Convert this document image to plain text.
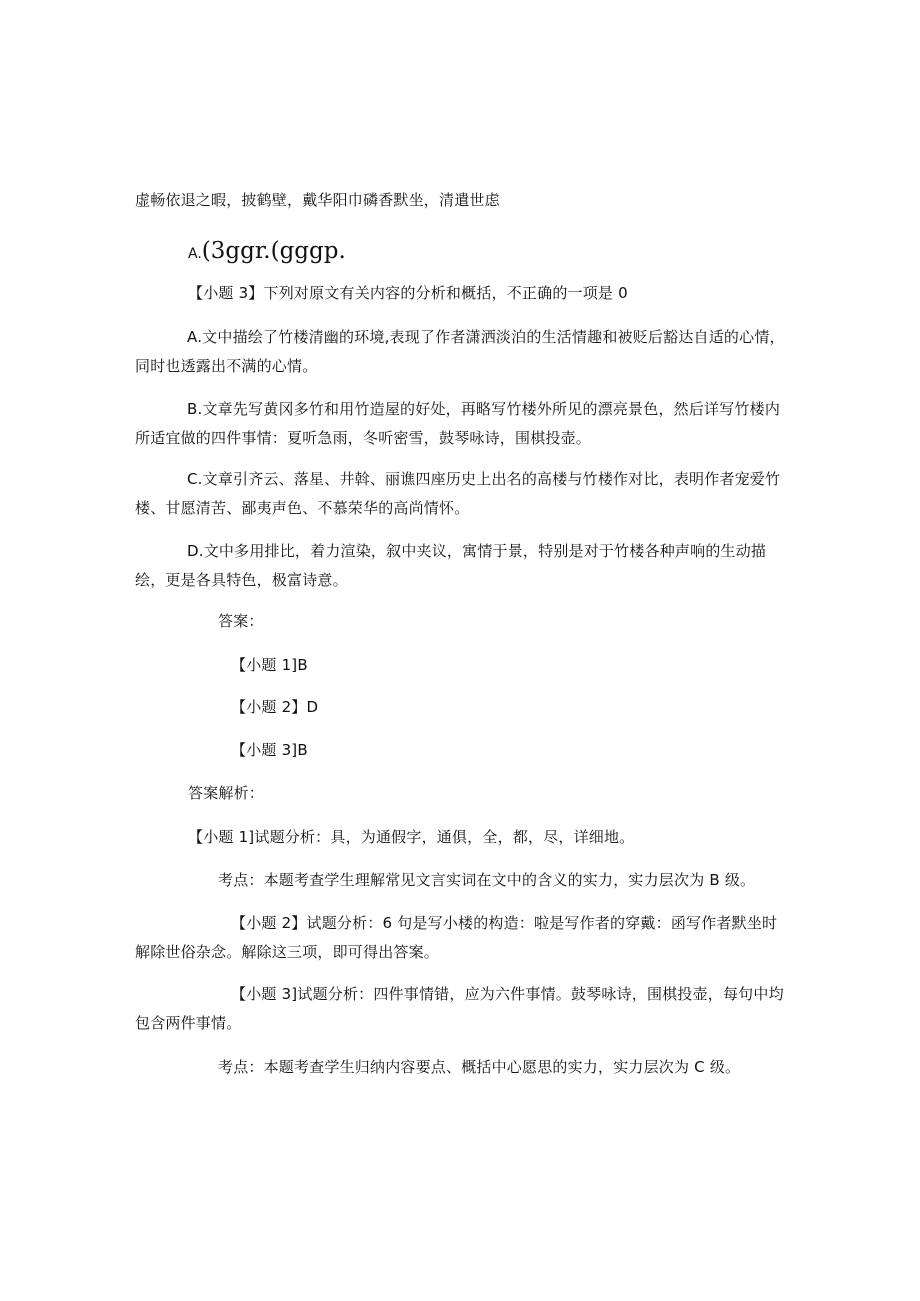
虚畅依退之暇，披鹤壁，戴华阳巾磷香默坐，清遣世虑
A.(3ggr.(gggp.
【小题 3】下列对原文有关内容的分析和概括，不正确的一项是 0
A.文中描绘了竹楼清幽的环境,表现了作者潇洒淡泊的生活情趣和被贬后豁达自适的心情，同时也透露出不满的心情。
B.文章先写黄冈多竹和用竹造屋的好处，再略写竹楼外所见的漂亮景色，然后详写竹楼内所适宜做的四件事情：夏听急雨，冬听密雪，鼓琴咏诗，围棋投壶。
C.文章引齐云、落星、井斡、丽谯四座历史上出名的高楼与竹楼作对比，表明作者宠爱竹楼、甘愿清苦、鄙夷声色、不慕荣华的高尚情怀。
D.文中多用排比，着力渲染，叙中夹议，寓情于景，特别是对于竹楼各种声响的生动描绘，更是各具特色，极富诗意。
答案：
【小题 1]B
【小题 2】D
【小题 3]B
答案解析：
【小题 1]试题分析：具，为通假字，通俱，全，都，尽，详细地。
考点：本题考查学生理解常见文言实词在文中的含义的实力，实力层次为 B 级。
【小题 2】试题分析：6 句是写小楼的构造：啦是写作者的穿戴：函写作者默坐时解除世俗杂念。解除这三项，即可得出答案。
【小题 3]试题分析：四件事情错，应为六件事情。鼓琴咏诗，围棋投壶，每句中均包含两件事情。
考点：本题考查学生归纳内容要点、概括中心愿思的实力，实力层次为 C 级。
